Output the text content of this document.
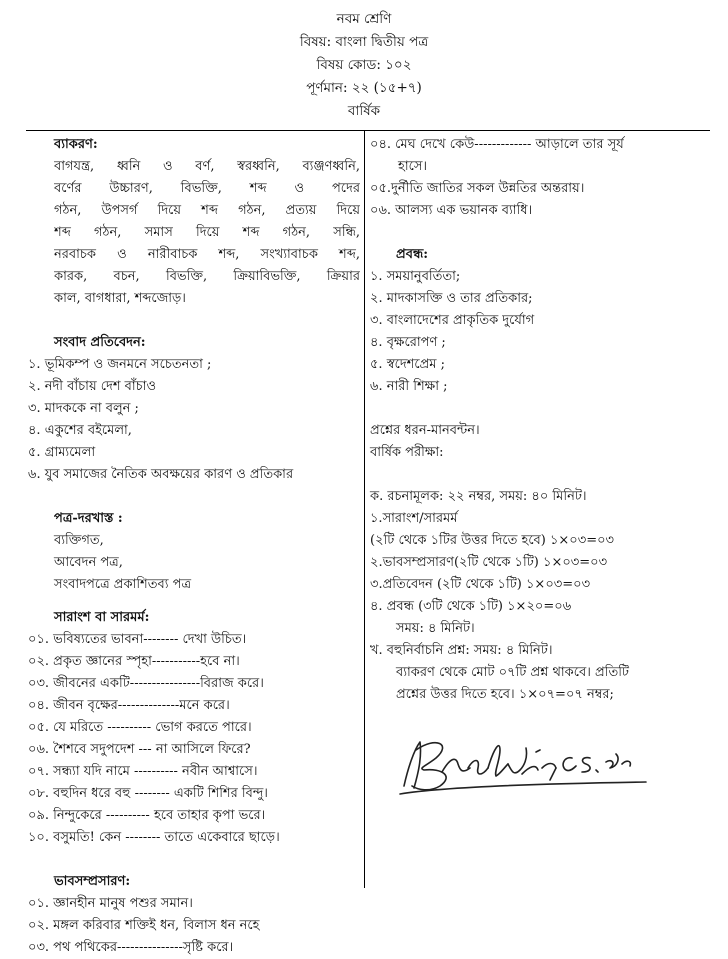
নবম শ্রেণি
বিষয়: বাংলা দ্বিতীয় পত্র
বিষয় কোড: ১০২
পূর্ণমান: ২২ (১৫+৭)
বার্ষিক
ব্যাকরণ:
বাগযন্ত্র, ধ্বনি ও বর্ণ, স্বরধ্বনি, ব্যঞ্জণধ্বনি,
বর্ণের উচ্চারণ, বিভক্তি, শব্দ ও পদের
গঠন, উপসর্গ দিয়ে শব্দ গঠন, প্রত্যয় দিয়ে
শব্দ গঠন, সমাস দিয়ে শব্দ গঠন, সন্ধি,
নরবাচক ও নারীবাচক শব্দ, সংখ্যাবাচক শব্দ,
কারক, বচন, বিভক্তি, ক্রিয়াবিভক্তি, ক্রিয়ার
কাল, বাগধারা, শব্দজোড়।
সংবাদ প্রতিবেদন:
১. ভূমিকম্প ও জনমনে সচেতনতা ;
২. নদী বাঁচায় দেশ বাঁচাও
৩. মাদককে না বলুন ;
৪. একুশের বইমেলা,
৫. গ্রাম্যমেলা
৬. যুব সমাজের নৈতিক অবক্ষয়ের কারণ ও প্রতিকার
পত্র-দরখাস্ত :
ব্যক্তিগত,
আবেদন পত্র,
সংবাদপত্রে প্রকাশিতব্য পত্র
সারাংশ বা সারমর্ম:
০১. ভবিষ্যতের ভাবনা-------- দেখা উচিত।
০২. প্রকৃত জ্ঞানের স্পৃহা-----------হবে না।
০৩. জীবনের একটি----------------বিরাজ করে।
০৪. জীবন বৃক্ষের--------------মনে করে।
০৫. যে মরিতে ---------- ভোগ করতে পারে।
০৬. শৈশবে সদুপদেশ --- না আসিলে ফিরে?
০৭. সন্ধ্যা যদি নামে ---------- নবীন আশ্বাসে।
০৮. বহুদিন ধরে বহু -------- একটি শিশির বিন্দু।
০৯. নিন্দুকেরে ---------- হবে তাহার কৃপা ভরে।
১০. বসুমতি! কেন -------- তাতে একেবারে ছাড়ে।
ভাবসম্প্রসারণ:
০১. জ্ঞানহীন মানুষ পশুর সমান।
০২. মঙ্গল করিবার শক্তিই ধন, বিলাস ধন নহে
০৩. পথ পথিকের---------------সৃষ্টি করে।
০৪. মেঘ দেখে কেউ------------- আড়ালে তার সূর্য
হাসে।
০৫.দুর্নীতি জাতির সকল উন্নতির অন্তরায়।
০৬. আলস্য এক ভয়ানক ব্যাধি।
প্রবন্ধ:
১. সময়ানুবর্তিতা;
২. মাদকাসক্তি ও তার প্রতিকার;
৩. বাংলাদেশের প্রাকৃতিক দুর্যোগ
৪. বৃক্ষরোপণ ;
৫. স্বদেশপ্রেম ;
৬. নারী শিক্ষা ;
প্রশ্নের ধরন-মানবন্টন।
বার্ষিক পরীক্ষা:
ক. রচনামূলক: ২২ নম্বর, সময়: ৪০ মিনিট।
১.সারাংশ/সারমর্ম
(২টি থেকে ১টির উত্তর দিতে হবে) ১×০৩=০৩
২.ভাবসম্প্রসারণ(২টি থেকে ১টি) ১×০৩=০৩
৩.প্রতিবেদন (২টি থেকে ১টি) ১×০৩=০৩
৪. প্রবন্ধ (৩টি থেকে ১টি) ১×২০=০৬
সময়: ৪ মিনিট।
খ. বহুনির্বাচনি প্রশ্ন: সময়: ৪ মিনিট।
ব্যাকরণ থেকে মোট ০৭টি প্রশ্ন থাকবে। প্রতিটি
প্রশ্নের উত্তর দিতে হবে। ১×০৭=০৭ নম্বর;
